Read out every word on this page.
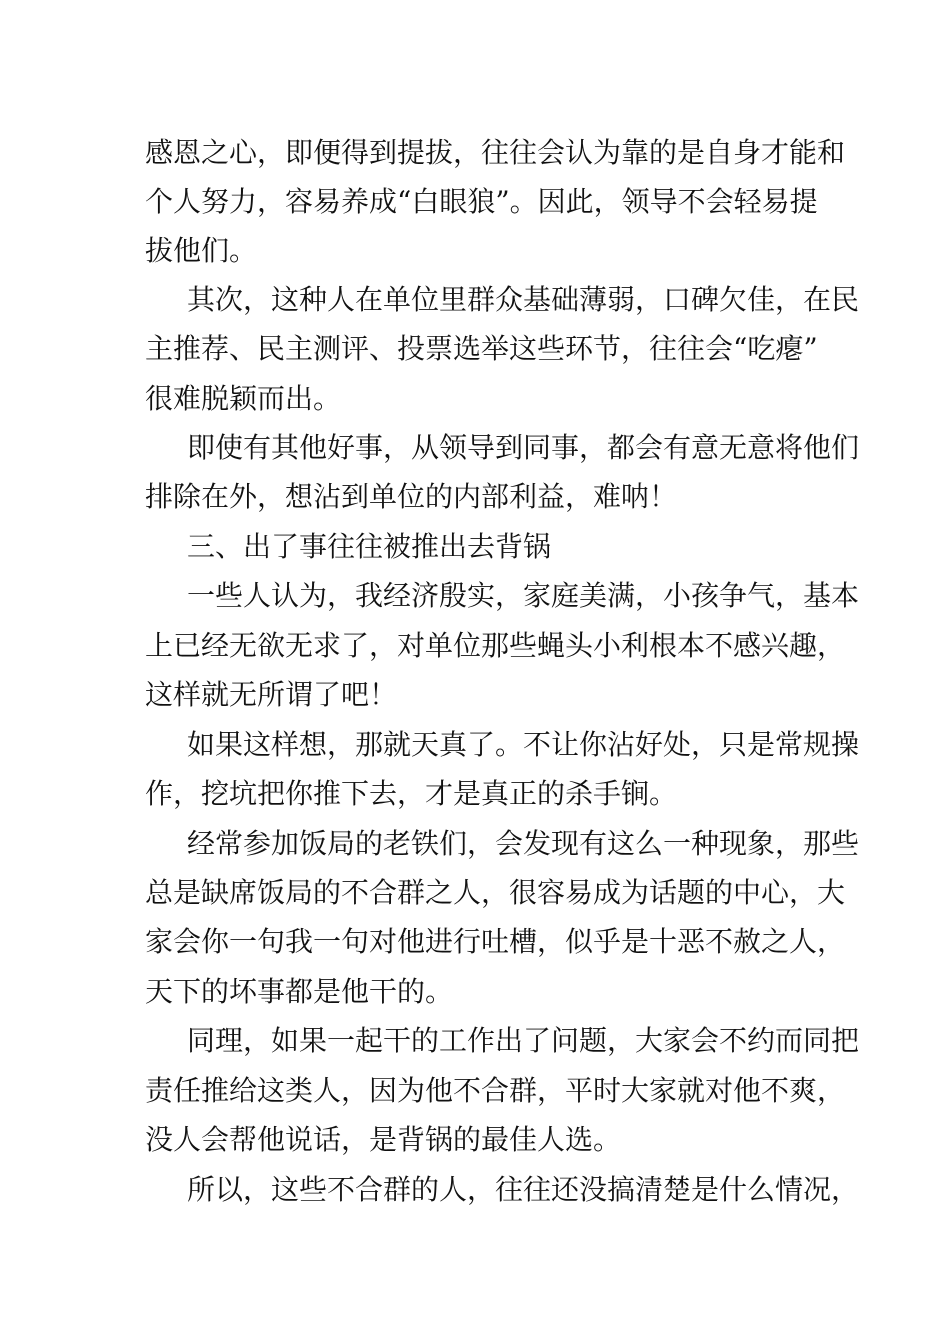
感恩之心，即便得到提拔，往往会认为靠的是自身才能和
个人努力，容易养成“白眼狼”。因此，领导不会轻易提
拔他们。
其次，这种人在单位里群众基础薄弱，口碑欠佳，在民
主推荐、民主测评、投票选举这些环节，往往会“吃瘪”
很难脱颖而出。
即使有其他好事，从领导到同事，都会有意无意将他们
排除在外，想沾到单位的内部利益，难呐！
三、出了事往往被推出去背锅
一些人认为，我经济殷实，家庭美满，小孩争气，基本
上已经无欲无求了，对单位那些蝇头小利根本不感兴趣，
这样就无所谓了吧！
如果这样想，那就天真了。不让你沾好处，只是常规操
作，挖坑把你推下去，才是真正的杀手锏。
经常参加饭局的老铁们，会发现有这么一种现象，那些
总是缺席饭局的不合群之人，很容易成为话题的中心，大
家会你一句我一句对他进行吐槽，似乎是十恶不赦之人，
天下的坏事都是他干的。
同理，如果一起干的工作出了问题，大家会不约而同把
责任推给这类人，因为他不合群，平时大家就对他不爽，
没人会帮他说话，是背锅的最佳人选。
所以，这些不合群的人，往往还没搞清楚是什么情况，
